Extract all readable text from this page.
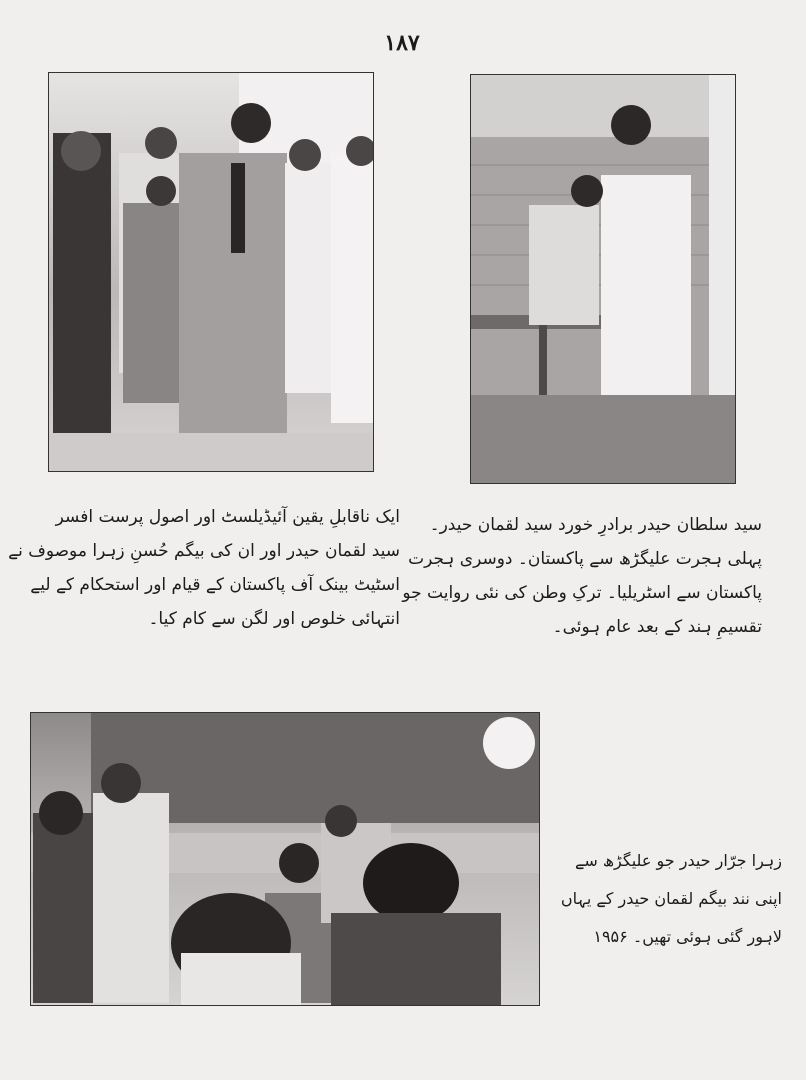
۱۸۷
ایک ناقابلِ یقین آئیڈیلسٹ اور اصول پرست افسر
سید لقمان حیدر اور ان کی بیگم حُسنِ زہرا موصوف نے
اسٹیٹ بینک آف پاکستان کے قیام اور استحکام کے لیے
انتہائی خلوص اور لگن سے کام کیا۔
سید سلطان حیدر برادرِ خورد سید لقمان حیدر۔
پہلی ہجرت علیگڑھ سے پاکستان۔ دوسری ہجرت
پاکستان سے اسٹریلیا۔ ترکِ وطن کی نئی روایت جو
تقسیمِ ہند کے بعد عام ہوئی۔
زہرا جرّار حیدر جو علیگڑھ سے
اپنی نند بیگم لقمان حیدر کے یہاں
لاہور گئی ہوئی تھیں۔ ۱۹۵۶
